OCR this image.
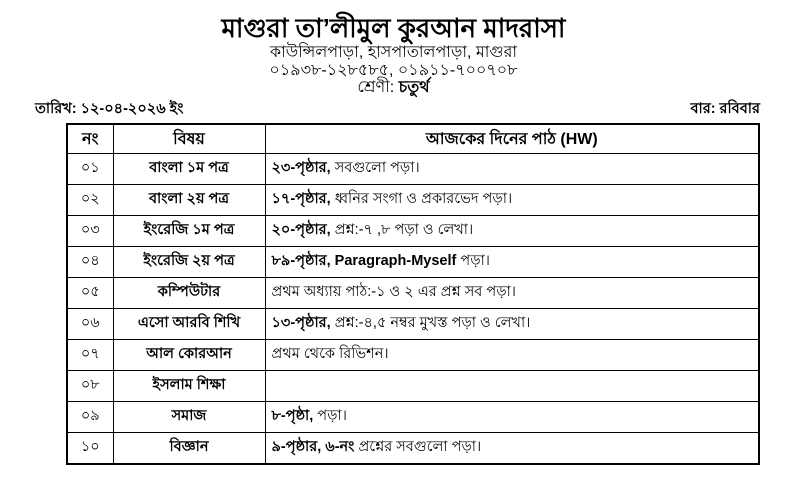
মাগুরা তা’লীমুল কুরআন মাদরাসা
কাউন্সিলপাড়া, হাসপাতালপাড়া, মাগুরা
০১৯৩৮-১২৮৫৮৫, ০১৯১১-৭০০৭০৮
শ্রেণী: চতুর্থ
তারিখ: ১২-০৪-২০২৬ ইং	বার: রবিবার
নং	বিষয়	আজকের দিনের পাঠ (HW)
০১	বাংলা ১ম পত্র	২৩-পৃষ্ঠার, সবগুলো পড়া।
০২	বাংলা ২য় পত্র	১৭-পৃষ্ঠার, ধ্বনির সংগা ও প্রকারভেদ পড়া।
০৩	ইংরেজি ১ম পত্র	২০-পৃষ্ঠার, প্রশ্ন:-৭ ,৮ পড়া ও লেখা।
০৪	ইংরেজি ২য় পত্র	৮৯-পৃষ্ঠার, Paragraph-Myself পড়া।
০৫	কম্পিউটার	প্রথম অধ্যায় পাঠ:-১ ও ২ এর প্রশ্ন সব পড়া।
০৬	এসো আরবি শিখি	১৩-পৃষ্ঠার, প্রশ্ন:-৪,৫ নম্বর মুখস্ত পড়া ও লেখা।
০৭	আল কোরআন	প্রথম থেকে রিভিশন।
০৮	ইসলাম শিক্ষা	
০৯	সমাজ	৮-পৃষ্ঠা, পড়া।
১০	বিজ্ঞান	৯-পৃষ্ঠার, ৬-নং প্রশ্নের সবগুলো পড়া।
